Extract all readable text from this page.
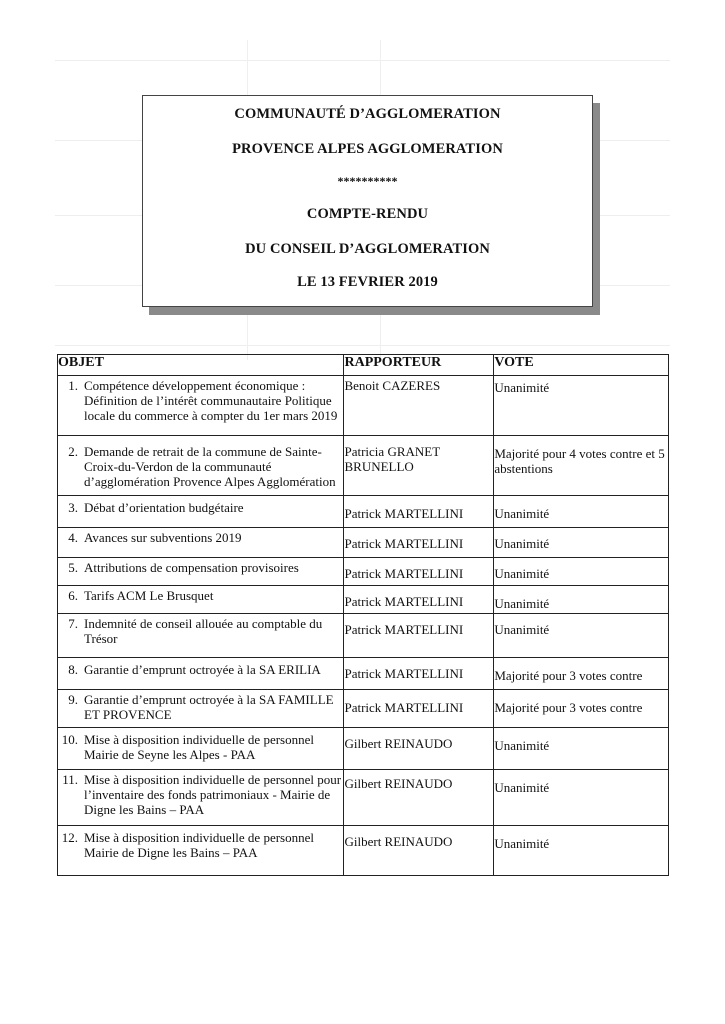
COMMUNAUTÉ D’AGGLOMERATION
PROVENCE ALPES AGGLOMERATION
**********
COMPTE-RENDU
DU CONSEIL D’AGGLOMERATION
LE 13 FEVRIER 2019
OBJET	RAPPORTEUR	VOTE

1. Compétence développement économique : Définition de l’intérêt communautaire Politique locale du commerce à compter du 1er mars 2019	Benoit CAZERES	Unanimité

2. Demande de retrait de la commune de Sainte-Croix-du-Verdon de la communauté d’agglomération Provence Alpes Agglomération	Patricia GRANET BRUNELLO	Majorité pour 4 votes contre et 5 abstentions

3. Débat d’orientation budgétaire	Patrick MARTELLINI	Unanimité

4. Avances sur subventions 2019	Patrick MARTELLINI	Unanimité

5. Attributions de compensation provisoires	Patrick MARTELLINI	Unanimité

6. Tarifs ACM Le Brusquet	Patrick MARTELLINI	Unanimité

7. Indemnité de conseil allouée au comptable du Trésor	Patrick MARTELLINI	Unanimité

8. Garantie d’emprunt octroyée à la SA ERILIA	Patrick MARTELLINI	Majorité pour 3 votes contre

9. Garantie d’emprunt octroyée à la SA FAMILLE ET PROVENCE	Patrick MARTELLINI	Majorité pour 3 votes contre

10. Mise à disposition individuelle de personnel Mairie de Seyne les Alpes - PAA	Gilbert REINAUDO	Unanimité

11. Mise à disposition individuelle de personnel pour l’inventaire des fonds patrimoniaux - Mairie de Digne les Bains – PAA	Gilbert REINAUDO	Unanimité

12. Mise à disposition individuelle de personnel Mairie de Digne les Bains – PAA	Gilbert REINAUDO	Unanimité
